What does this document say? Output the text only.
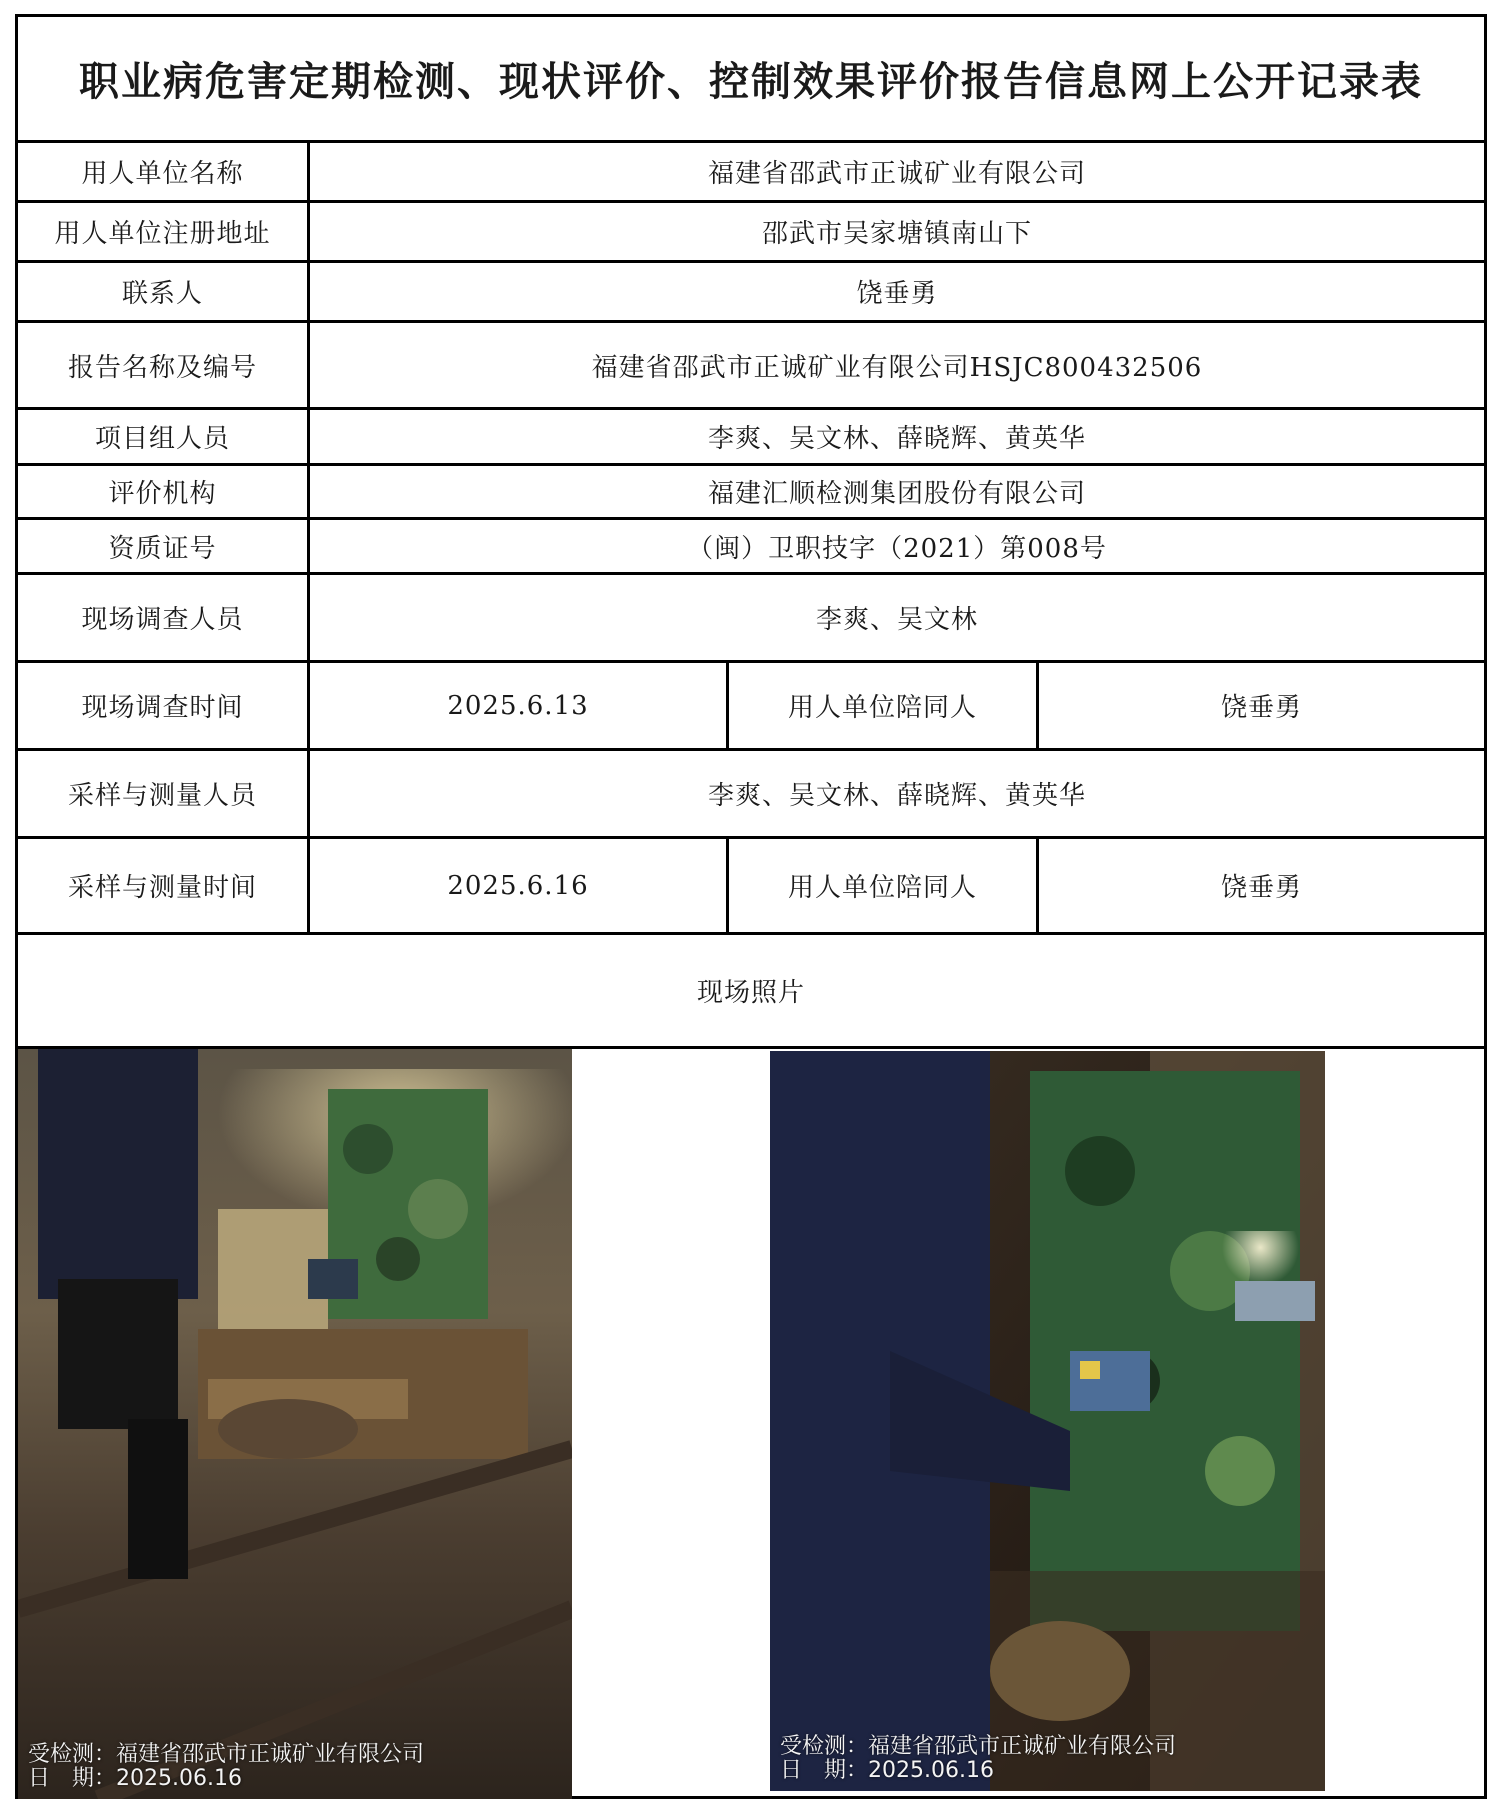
职业病危害定期检测、现状评价、控制效果评价报告信息网上公开记录表
用人单位名称	福建省邵武市正诚矿业有限公司
用人单位注册地址	邵武市吴家塘镇南山下
联系人	饶垂勇
报告名称及编号	福建省邵武市正诚矿业有限公司HSJC800432506
项目组人员	李爽、吴文林、薛晓辉、黄英华
评价机构	福建汇顺检测集团股份有限公司
资质证号	（闽）卫职技字（2021）第008号
现场调查人员	李爽、吴文林
现场调查时间	2025.6.13	用人单位陪同人	饶垂勇
采样与测量人员	李爽、吴文林、薛晓辉、黄英华
采样与测量时间	2025.6.16	用人单位陪同人	饶垂勇
现场照片
受检测：福建省邵武市正诚矿业有限公司
日　期：2025.06.16
受检测：福建省邵武市正诚矿业有限公司
日　期：2025.06.16
